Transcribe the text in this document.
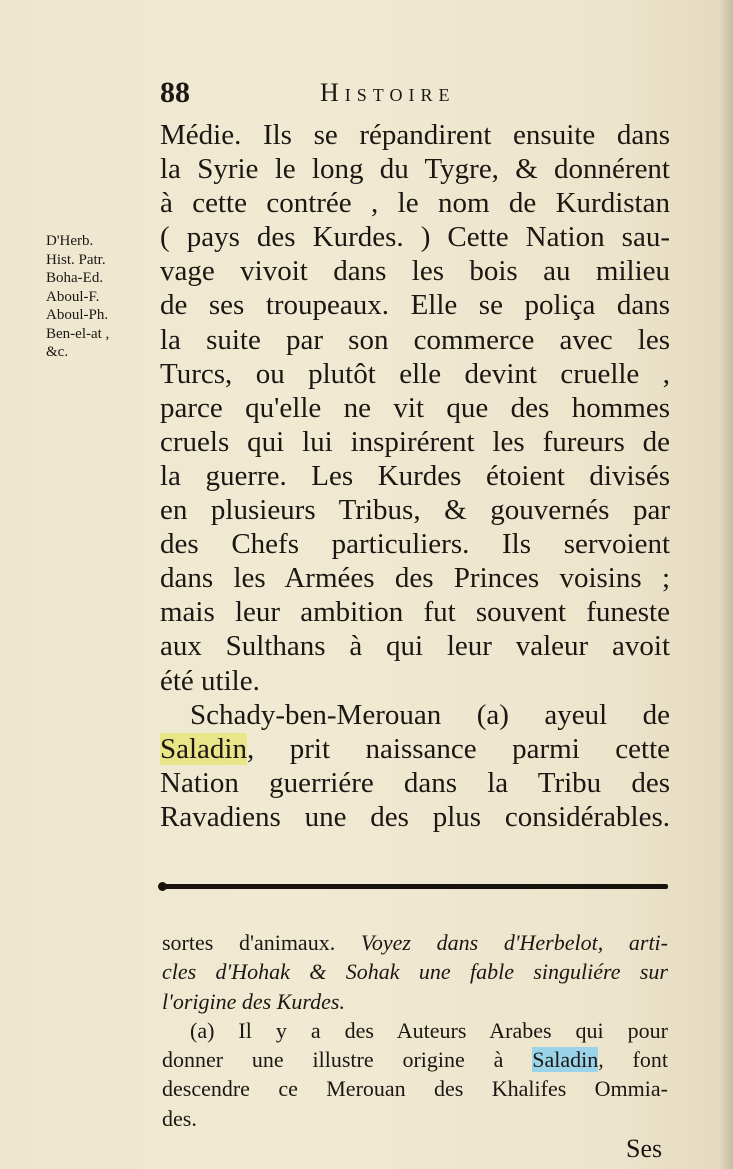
88	Histoire
D'Herb.
Hist. Patr.
Boha-Ed.
Aboul-F.
Aboul-Ph.
Ben-el-at ,
&c.
Médie. Ils se répandirent ensuite dans
la Syrie le long du Tygre, & donnérent
à cette contrée , le nom de Kurdistan
( pays des Kurdes. ) Cette Nation sau-
vage vivoit dans les bois au milieu
de ses troupeaux. Elle se poliça dans
la suite par son commerce avec les
Turcs, ou plutôt elle devint cruelle ,
parce qu'elle ne vit que des hommes
cruels qui lui inspirérent les fureurs de
la guerre. Les Kurdes étoient divisés
en plusieurs Tribus, & gouvernés par
des Chefs particuliers. Ils servoient
dans les Armées des Princes voisins ;
mais leur ambition fut souvent funeste
aux Sulthans à qui leur valeur avoit
été utile.
Schady-ben-Merouan (a) ayeul de
Saladin, prit naissance parmi cette
Nation guerriére dans la Tribu des
Ravadiens une des plus considérables.
sortes d'animaux. Voyez dans d'Herbelot, arti-
cles d'Hohak & Sohak une fable singuliére sur
l'origine des Kurdes.
(a) Il y a des Auteurs Arabes qui pour
donner une illustre origine à Saladin, font
descendre ce Merouan des Khalifes Ommia-
des.
Ses
